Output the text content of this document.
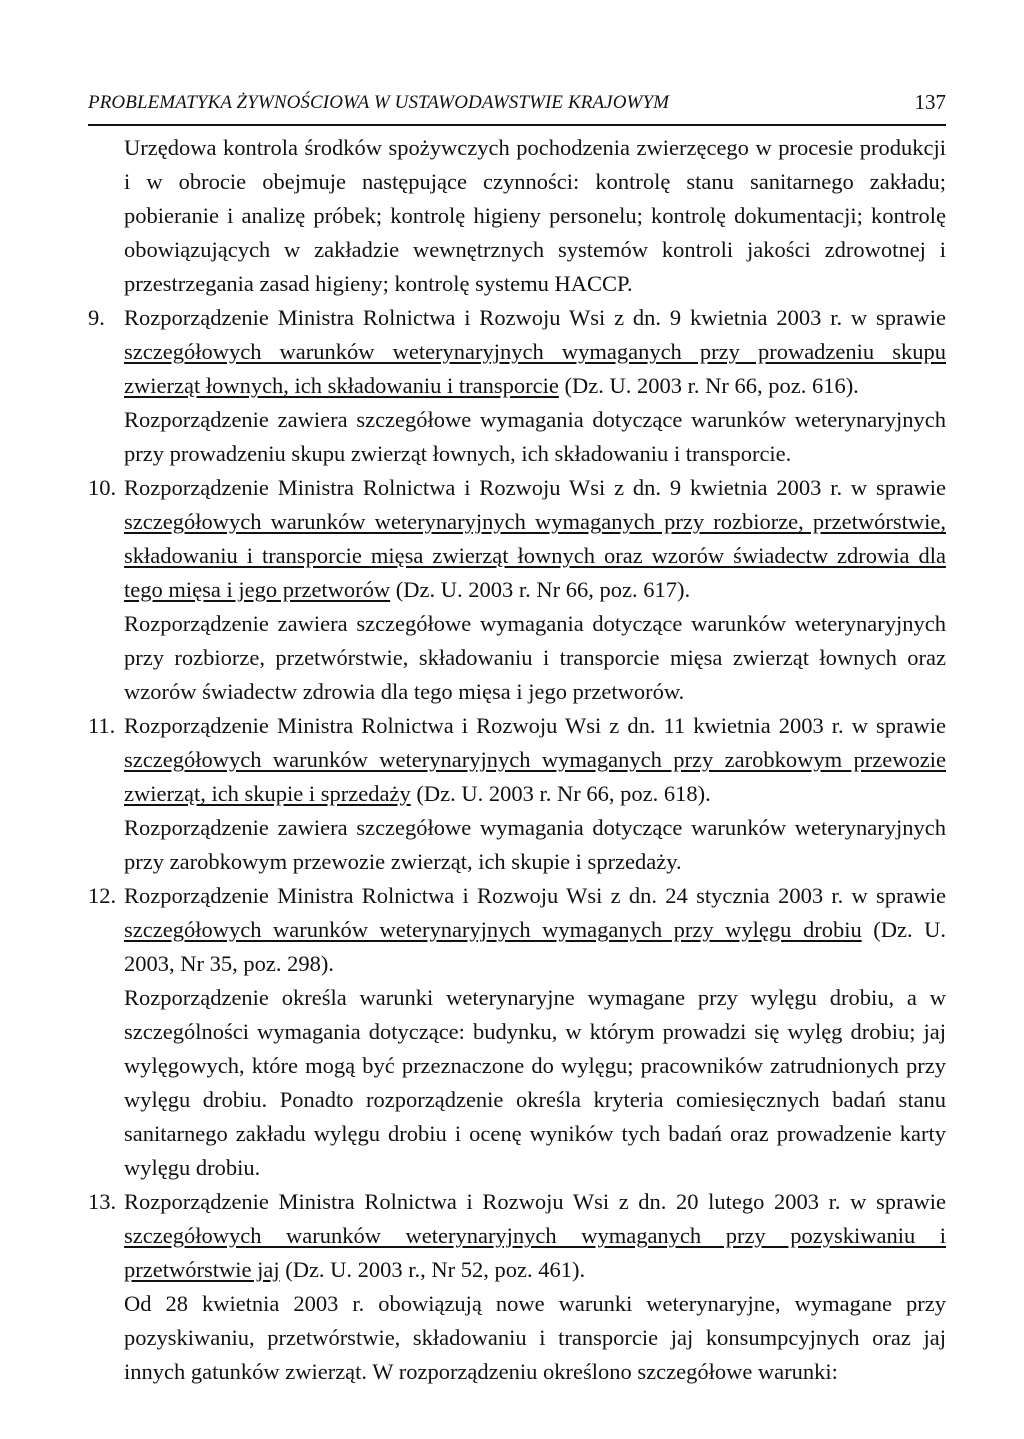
PROBLEMATYKA ŻYWNOŚCIOWA W USTAWODAWSTWIE KRAJOWYM	137

Urzędowa kontrola środków spożywczych pochodzenia zwierzęcego w procesie produkcji i w obrocie obejmuje następujące czynności: kontrolę stanu sanitarnego zakładu; pobieranie i analizę próbek; kontrolę higieny personelu; kontrolę dokumentacji; kontrolę obowiązujących w zakładzie wewnętrznych systemów kontroli jakości zdrowotnej i przestrzegania zasad higieny; kontrolę systemu HACCP.

9. Rozporządzenie Ministra Rolnictwa i Rozwoju Wsi z dn. 9 kwietnia 2003 r. w sprawie szczegółowych warunków weterynaryjnych wymaganych przy prowadzeniu skupu zwierząt łownych, ich składowaniu i transporcie (Dz. U. 2003 r. Nr 66, poz. 616).
Rozporządzenie zawiera szczegółowe wymagania dotyczące warunków weterynaryjnych przy prowadzeniu skupu zwierząt łownych, ich składowaniu i transporcie.
10. Rozporządzenie Ministra Rolnictwa i Rozwoju Wsi z dn. 9 kwietnia 2003 r. w sprawie szczegółowych warunków weterynaryjnych wymaganych przy rozbiorze, przetwórstwie, składowaniu i transporcie mięsa zwierząt łownych oraz wzorów świadectw zdrowia dla tego mięsa i jego przetworów (Dz. U. 2003 r. Nr 66, poz. 617).
Rozporządzenie zawiera szczegółowe wymagania dotyczące warunków weterynaryjnych przy rozbiorze, przetwórstwie, składowaniu i transporcie mięsa zwierząt łownych oraz wzorów świadectw zdrowia dla tego mięsa i jego przetworów.
11. Rozporządzenie Ministra Rolnictwa i Rozwoju Wsi z dn. 11 kwietnia 2003 r. w sprawie szczegółowych warunków weterynaryjnych wymaganych przy zarobkowym przewozie zwierząt, ich skupie i sprzedaży (Dz. U. 2003 r. Nr 66, poz. 618).
Rozporządzenie zawiera szczegółowe wymagania dotyczące warunków weterynaryjnych przy zarobkowym przewozie zwierząt, ich skupie i sprzedaży.
12. Rozporządzenie Ministra Rolnictwa i Rozwoju Wsi z dn. 24 stycznia 2003 r. w sprawie szczegółowych warunków weterynaryjnych wymaganych przy wylęgu drobiu (Dz. U. 2003, Nr 35, poz. 298).
Rozporządzenie określa warunki weterynaryjne wymagane przy wylęgu drobiu, a w szczególności wymagania dotyczące: budynku, w którym prowadzi się wylęg drobiu; jaj wylęgowych, które mogą być przeznaczone do wylęgu; pracowników zatrudnionych przy wylęgu drobiu. Ponadto rozporządzenie określa kryteria comiesięcznych badań stanu sanitarnego zakładu wylęgu drobiu i ocenę wyników tych badań oraz prowadzenie karty wylęgu drobiu.
13. Rozporządzenie Ministra Rolnictwa i Rozwoju Wsi z dn. 20 lutego 2003 r. w sprawie szczegółowych warunków weterynaryjnych wymaganych przy pozyskiwaniu i przetwórstwie jaj (Dz. U. 2003 r., Nr 52, poz. 461).
Od 28 kwietnia 2003 r. obowiązują nowe warunki weterynaryjne, wymagane przy pozyskiwaniu, przetwórstwie, składowaniu i transporcie jaj konsumpcyjnych oraz jaj innych gatunków zwierząt. W rozporządzeniu określono szczegółowe warunki:
